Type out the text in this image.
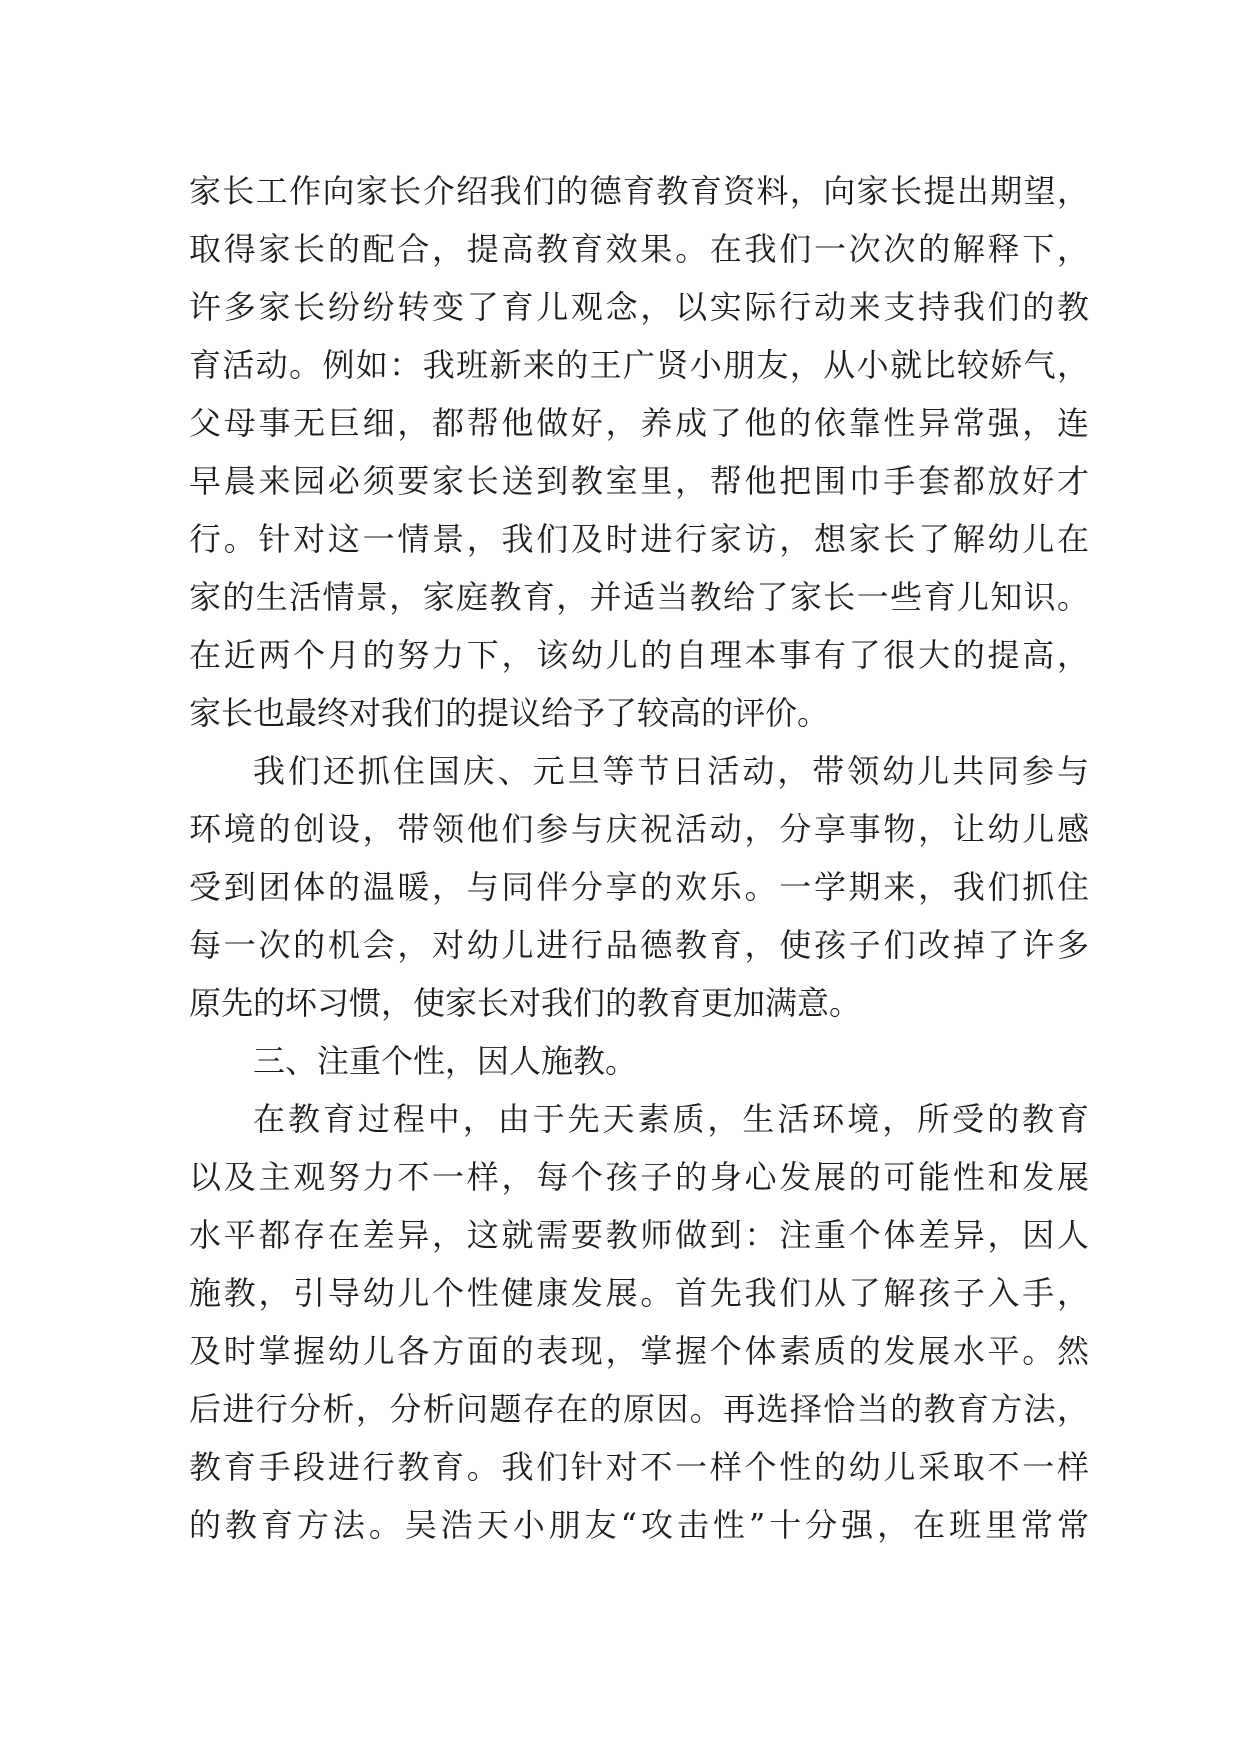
家长工作向家长介绍我们的德育教育资料，向家长提出期望，
取得家长的配合，提高教育效果。在我们一次次的解释下，
许多家长纷纷转变了育儿观念，以实际行动来支持我们的教
育活动。例如：我班新来的王广贤小朋友，从小就比较娇气，
父母事无巨细，都帮他做好，养成了他的依靠性异常强，连
早晨来园必须要家长送到教室里，帮他把围巾手套都放好才
行。针对这一情景，我们及时进行家访，想家长了解幼儿在
家的生活情景，家庭教育，并适当教给了家长一些育儿知识。
在近两个月的努力下，该幼儿的自理本事有了很大的提高，
家长也最终对我们的提议给予了较高的评价。
我们还抓住国庆、元旦等节日活动，带领幼儿共同参与
环境的创设，带领他们参与庆祝活动，分享事物，让幼儿感
受到团体的温暖，与同伴分享的欢乐。一学期来，我们抓住
每一次的机会，对幼儿进行品德教育，使孩子们改掉了许多
原先的坏习惯，使家长对我们的教育更加满意。
三、注重个性，因人施教。
在教育过程中，由于先天素质，生活环境，所受的教育
以及主观努力不一样，每个孩子的身心发展的可能性和发展
水平都存在差异，这就需要教师做到：注重个体差异，因人
施教，引导幼儿个性健康发展。首先我们从了解孩子入手，
及时掌握幼儿各方面的表现，掌握个体素质的发展水平。然
后进行分析，分析问题存在的原因。再选择恰当的教育方法，
教育手段进行教育。我们针对不一样个性的幼儿采取不一样
的教育方法。吴浩天小朋友“攻击性”十分强，在班里常常
